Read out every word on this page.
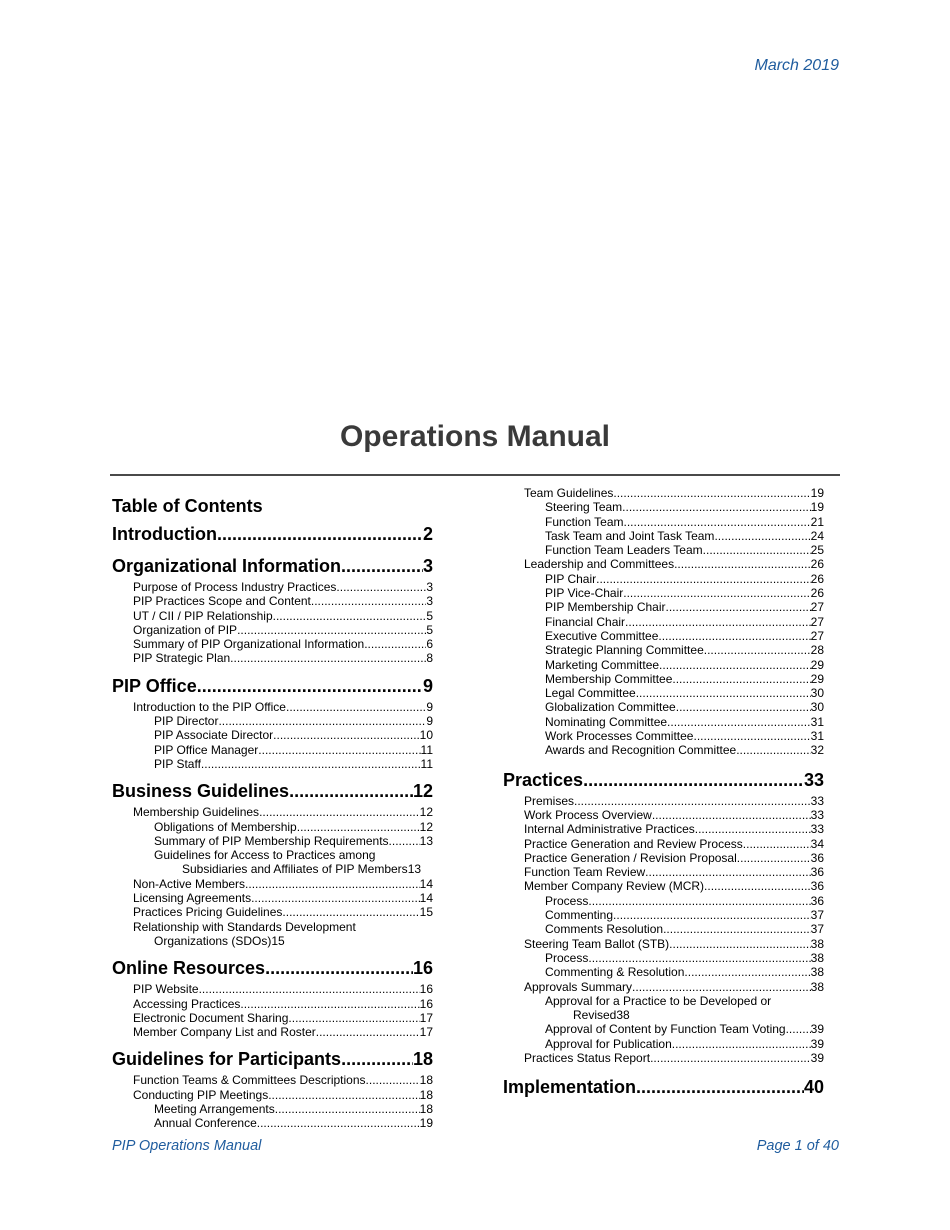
March 2019
Operations Manual
Table of Contents
Introduction .....	2
Organizational Information .....	3
Purpose of Process Industry Practices .....	3
PIP Practices Scope and Content .....	3
UT / CII / PIP Relationship .....	5
Organization of PIP .....	5
Summary of PIP Organizational Information .....	6
PIP Strategic Plan .....	8
PIP Office .....	9
Introduction to the PIP Office .....	9
PIP Director .....	9
PIP Associate Director .....	10
PIP Office Manager .....	11
PIP Staff .....	11
Business Guidelines .....	12
Membership Guidelines .....	12
Obligations of Membership .....	12
Summary of PIP Membership Requirements .....	13
Guidelines for Access to Practices among
Subsidiaries and Affiliates of PIP Members 13
Non-Active Members .....	14
Licensing Agreements .....	14
Practices Pricing Guidelines .....	15
Relationship with Standards Development
Organizations (SDOs) 15
Online Resources .....	16
PIP Website .....	16
Accessing Practices .....	16
Electronic Document Sharing .....	17
Member Company List and Roster .....	17
Guidelines for Participants .....	18
Function Teams & Committees Descriptions .....	18
Conducting PIP Meetings .....	18
Meeting Arrangements .....	18
Annual Conference .....	19
Team Guidelines .....	19
Steering Team .....	19
Function Team .....	21
Task Team and Joint Task Team .....	24
Function Team Leaders Team .....	25
Leadership and Committees .....	26
PIP Chair .....	26
PIP Vice-Chair .....	26
PIP Membership Chair .....	27
Financial Chair .....	27
Executive Committee .....	27
Strategic Planning Committee .....	28
Marketing Committee .....	29
Membership Committee .....	29
Legal Committee .....	30
Globalization Committee .....	30
Nominating Committee .....	31
Work Processes Committee .....	31
Awards and Recognition Committee .....	32
Practices .....	33
Premises .....	33
Work Process Overview .....	33
Internal Administrative Practices .....	33
Practice Generation and Review Process .....	34
Practice Generation / Revision Proposal .....	36
Function Team Review .....	36
Member Company Review (MCR) .....	36
Process .....	36
Commenting .....	37
Comments Resolution .....	37
Steering Team Ballot (STB) .....	38
Process .....	38
Commenting & Resolution .....	38
Approvals Summary .....	38
Approval for a Practice to be Developed or
Revised 38
Approval of Content by Function Team Voting ..... 39
Approval for Publication .....	39
Practices Status Report .....	39
Implementation .....	40
PIP Operations Manual	Page 1 of 40
